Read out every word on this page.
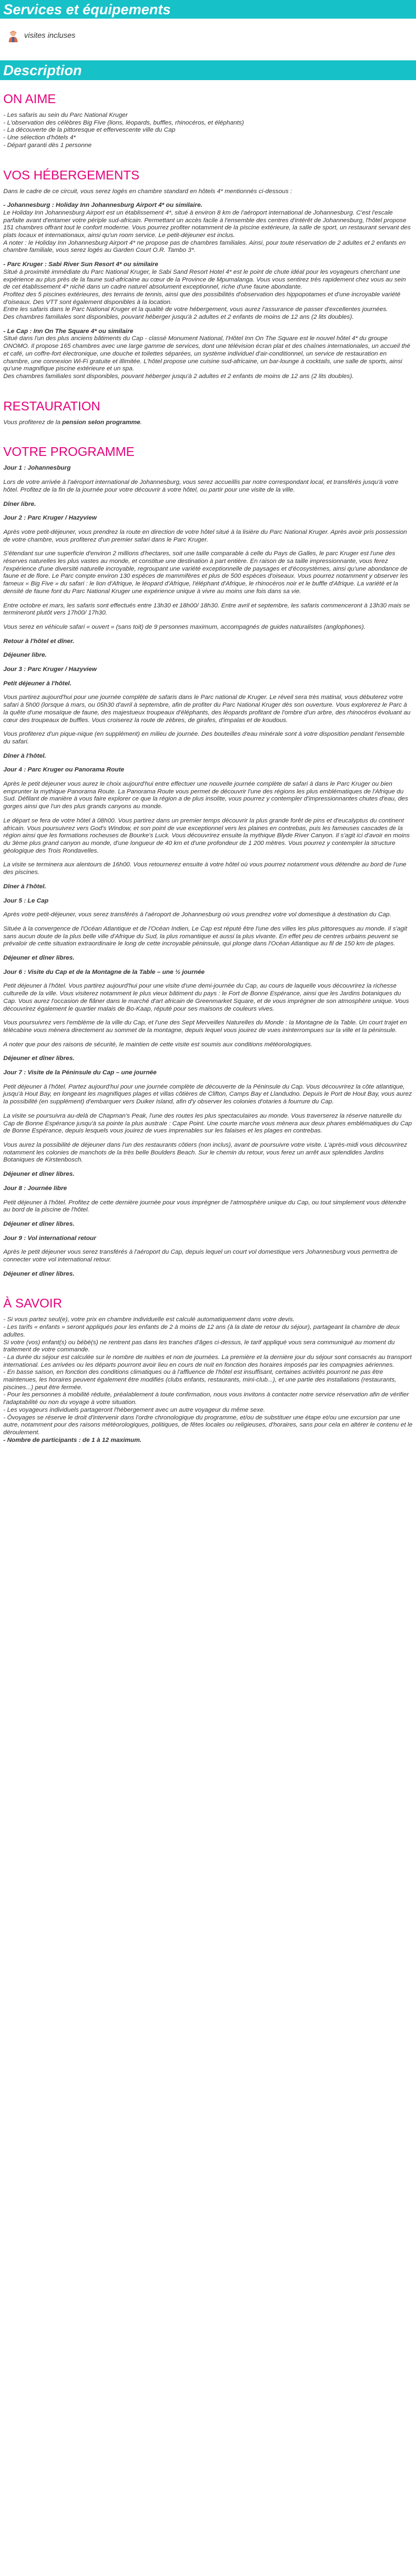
Services et équipements
visites incluses
Description
ON AIME

- Les safaris au sein du Parc National Kruger
- L'observation des célèbres Big Five (lions, léopards, buffles, rhinocéros, et éléphants)
- La découverte de la pittoresque et effervescente ville du Cap
- Une sélection d'hôtels 4*
- Départ garanti dès 1 personne

VOS HÉBERGEMENTS

Dans le cadre de ce circuit, vous serez logés en chambre standard en hôtels 4* mentionnés ci-dessous :

- Johannesburg : Holiday Inn Johannesburg Airport 4* ou similaire.
Le Holiday Inn Johannesburg Airport est un établissement 4*, situé à environ 8 km de l'aéroport international de Johannesburg. C'est l'escale parfaite avant d'entamer votre périple sud-africain. Permettant un accès facile à l'ensemble des centres d'intérêt de Johannesburg, l'hôtel propose 151 chambres offrant tout le confort moderne. Vous pourrez profiter notamment de la piscine extérieure, la salle de sport, un restaurant servant des plats locaux et internationaux, ainsi qu'un room service. Le petit-déjeuner est inclus.
A noter : le Holiday Inn Johannesburg Airport 4* ne propose pas de chambres familiales. Ainsi, pour toute réservation de 2 adultes et 2 enfants en chambre familiale, vous serez logés au Garden Court O.R. Tambo 3*.

- Parc Kruger : Sabi River Sun Resort 4* ou similaire
Situé à proximité immédiate du Parc National Kruger, le Sabi Sand Resort Hotel 4* est le point de chute idéal pour les voyageurs cherchant une expérience au plus près de la faune sud-africaine au cœur de la Province de Mpumalanga. Vous vous sentirez très rapidement chez vous au sein de cet établissement 4* niché dans un cadre naturel absolument exceptionnel, riche d'une faune abondante.
Profitez des 5 piscines extérieures, des terrains de tennis, ainsi que des possibilités d'observation des hippopotames et d'une incroyable variété d'oiseaux. Des VTT sont également disponibles à la location.
Entre les safaris dans le Parc National Kruger et la qualité de votre hébergement, vous aurez l'assurance de passer d'excellentes journées.
Des chambres familiales sont disponibles, pouvant héberger jusqu'à 2 adultes et 2 enfants de moins de 12 ans (2 lits doubles).

- Le Cap : Inn On The Square 4* ou similaire
Situé dans l'un des plus anciens bâtiments du Cap - classé Monument National, l'Hôtel Inn On The Square est le nouvel hôtel 4* du groupe ONOMO. Il propose 165 chambres avec une large gamme de services, dont une télévision écran plat et des chaînes internationales, un accueil thé et café, un coffre-fort électronique, une douche et toilettes séparées, un système individuel d'air-conditionnel, un service de restauration en chambre, une connexion Wi-Fi gratuite et illimitée. L'hôtel propose une cuisine sud-africaine, un bar-lounge à cocktails, une salle de sports, ainsi qu'une magnifique piscine extérieure et un spa.
Des chambres familiales sont disponibles, pouvant héberger jusqu'à 2 adultes et 2 enfants de moins de 12 ans (2 lits doubles).

RESTAURATION

Vous profiterez de la pension selon programme.

VOTRE PROGRAMME

Jour 1 : Johannesburg

Lors de votre arrivée à l'aéroport international de Johannesburg, vous serez accueillis par notre correspondant local, et transférés jusqu'à votre hôtel. Profitez de la fin de la journée pour votre découvrir à votre hôtel, ou partir pour une visite de la ville.

Dîner libre.

Jour 2 : Parc Kruger / Hazyview

Après votre petit-déjeuner, vous prendrez la route en direction de votre hôtel situé à la lisière du Parc National Kruger. Après avoir pris possession de votre chambre, vous profiterez d'un premier safari dans le Parc Kruger.

S'étendant sur une superficie d'environ 2 millions d'hectares, soit une taille comparable à celle du Pays de Galles, le parc Kruger est l'une des réserves naturelles les plus vastes au monde, et constitue une destination à part entière. En raison de sa taille impressionnante, vous ferez l'expérience d'une diversité naturelle incroyable, regroupant une variété exceptionnelle de paysages et d'écosystèmes, ainsi qu'une abondance de faune et de flore. Le Parc compte environ 130 espèces de mammifères et plus de 500 espèces d'oiseaux. Vous pourrez notamment y observer les fameux « Big Five » du safari : le lion d'Afrique, le léopard d'Afrique, l'éléphant d'Afrique, le rhinocéros noir et le buffle d'Afrique. La variété et la densité de faune font du Parc National Kruger une expérience unique à vivre au moins une fois dans sa vie.

Entre octobre et mars, les safaris sont effectués entre 13h30 et 18h00/ 18h30. Entre avril et septembre, les safaris commenceront à 13h30 mais se termineront plutôt vers 17h00/ 17h30.

Vous serez en véhicule safari « ouvert » (sans toit) de 9 personnes maximum, accompagnés de guides naturalistes (anglophones).

Retour à l'hôtel et dîner.

Déjeuner libre.

Jour 3 : Parc Kruger / Hazyview

Petit déjeuner à l'hôtel.

Vous partirez aujourd'hui pour une journée complète de safaris dans le Parc national de Kruger. Le réveil sera très matinal, vous débuterez votre safari à 5h00 (lorsque à mars, ou 05h30 d'avril à septembre, afin de profiter du Parc National Kruger dès son ouverture. Vous explorerez le Parc à la quête d'une mosaïque de faune, des majestueux troupeaux d'éléphants, des léopards profitant de l'ombre d'un arbre, des rhinocéros évoluant au cœur des troupeaux de buffles. Vous croiserez la route de zèbres, de girafes, d'impalas et de koudous.

Vous profiterez d'un pique-nique (en supplément) en milieu de journée. Des bouteilles d'eau minérale sont à votre disposition pendant l'ensemble du safari.

Dîner à l'hôtel.

Jour 4 : Parc Kruger ou Panorama Route

Après le petit déjeuner vous aurez le choix aujourd'hui entre effectuer une nouvelle journée complète de safari à dans le Parc Kruger ou bien emprunter la mythique Panorama Route. La Panorama Route vous permet de découvrir l'une des régions les plus emblématiques de l'Afrique du Sud. Défilant de manière à vous faire explorer ce que la région a de plus insolite, vous pourrez y contempler d'impressionnantes chutes d'eau, des gorges ainsi que l'un des plus grands canyons au monde.

Le départ se fera de votre hôtel à 08h00. Vous partirez dans un premier temps découvrir la plus grande forêt de pins et d'eucalyptus du continent africain. Vous poursuivrez vers God's Window, et son point de vue exceptionnel vers les plaines en contrebas, puis les fameuses cascades de la région ainsi que les formations rocheuses de Bourke's Luck. Vous découvrirez ensuite la mythique Blyde River Canyon. Il s'agit ici d'avoir en moins du 3ème plus grand canyon au monde, d'une longueur de 40 km et d'une profondeur de 1 200 mètres. Vous pourrez y contempler la structure géologique des Trois Rondavelles.

La visite se terminera aux alentours de 16h00. Vous retournerez ensuite à votre hôtel où vous pourrez notamment vous détendre au bord de l'une des piscines.

Dîner à l'hôtel.

Jour 5 : Le Cap

Après votre petit-déjeuner, vous serez transférés à l'aéroport de Johannesburg où vous prendrez votre vol domestique à destination du Cap.

Située à la convergence de l'Océan Atlantique et de l'Océan Indien, Le Cap est réputé être l'une des villes les plus pittoresques au monde. Il s'agit sans aucun doute de la plus belle ville d'Afrique du Sud, la plus romantique et aussi la plus vivante. En effet peu de centres urbains peuvent se prévaloir de cette situation extraordinaire le long de cette incroyable péninsule, qui plonge dans l'Océan Atlantique au fil de 150 km de plages.

Déjeuner et dîner libres.

Jour 6 : Visite du Cap et de la Montagne de la Table – une ½ journée

Petit déjeuner à l'hôtel. Vous partirez aujourd'hui pour une visite d'une demi-journée du Cap, au cours de laquelle vous découvrirez la richesse culturelle de la ville. Vous visiterez notamment le plus vieux bâtiment du pays : le Fort de Bonne Espérance, ainsi que les Jardins botaniques du Cap. Vous aurez l'occasion de flâner dans le marché d'art africain de Greenmarket Square, et de vous imprégner de son atmosphère unique. Vous découvrirez également le quartier malais de Bo-Kaap, réputé pour ses maisons de couleurs vives.

Vous poursuivrez vers l'emblème de la ville du Cap, et l'une des Sept Merveilles Naturelles du Monde : la Montagne de la Table. Un court trajet en télécabine vous mènera directement au sommet de la montagne, depuis lequel vous jouirez de vues ininterrompues sur la ville et la péninsule.

A noter que pour des raisons de sécurité, le maintien de cette visite est soumis aux conditions météorologiques.

Déjeuner et dîner libres.

Jour 7 : Visite de la Péninsule du Cap – une journée

Petit déjeuner à l'hôtel. Partez aujourd'hui pour une journée complète de découverte de la Péninsule du Cap. Vous découvrirez la côte atlantique, jusqu'à Hout Bay, en longeant les magnifiques plages et villas côtières de Clifton, Camps Bay et Llandudno. Depuis le Port de Hout Bay, vous aurez la possibilité (en supplément) d'embarquer vers Duiker Island, afin d'y observer les colonies d'otaries à fourrure du Cap.

La visite se poursuivra au-delà de Chapman's Peak, l'une des routes les plus spectaculaires au monde. Vous traverserez la réserve naturelle du Cap de Bonne Espérance jusqu'à sa pointe la plus australe : Cape Point. Une courte marche vous mènera aux deux phares emblématiques du Cap de Bonne Espérance, depuis lesquels vous jouirez de vues imprenables sur les falaises et les plages en contrebas.

Vous aurez la possibilité de déjeuner dans l'un des restaurants côtiers (non inclus), avant de poursuivre votre visite. L'après-midi vous découvrirez notamment les colonies de manchots de la très belle Boulders Beach. Sur le chemin du retour, vous ferez un arrêt aux splendides Jardins Botaniques de Kirstenbosch.

Déjeuner et dîner libres.

Jour 8 : Journée libre

Petit déjeuner à l'hôtel. Profitez de cette dernière journée pour vous imprégner de l'atmosphère unique du Cap, ou tout simplement vous détendre au bord de la piscine de l'hôtel.

Déjeuner et dîner libres.

Jour 9 : Vol international retour

Après le petit déjeuner vous serez transférés à l'aéroport du Cap, depuis lequel un court vol domestique vers Johannesburg vous permettra de connecter votre vol international retour.

Déjeuner et dîner libres.

À SAVOIR

- Si vous partez seul(e), votre prix en chambre individuelle est calculé automatiquement dans votre devis.
- Les tarifs « enfants » seront appliqués pour les enfants de 2 à moins de 12 ans (à la date de retour du séjour), partageant la chambre de deux adultes.
Si votre (vos) enfant(s) ou bébé(s) ne rentrent pas dans les tranches d'âges ci-dessus, le tarif appliqué vous sera communiqué au moment du traitement de votre commande.
- La durée du séjour est calculée sur le nombre de nuitées et non de journées. La première et la dernière jour du séjour sont consacrés au transport international. Les arrivées ou les départs pourront avoir lieu en cours de nuit en fonction des horaires imposés par les compagnies aériennes.
- En basse saison, en fonction des conditions climatiques ou à l'affluence de l'hôtel est insuffisant, certaines activités pourront ne pas être maintenues, les horaires peuvent également être modifiés (clubs enfants, restaurants, mini-club...), et une partie des installations (restaurants, piscines...) peut être fermée.
- Pour les personnes à mobilité réduite, préalablement à toute confirmation, nous vous invitons à contacter notre service réservation afin de vérifier l'adaptabilité ou non du voyage à votre situation.
- Les voyageurs individuels partageront l'hébergement avec un autre voyageur du même sexe.
- Ôvoyages se réserve le droit d'intervenir dans l'ordre chronologique du programme, et/ou de substituer une étape et/ou une excursion par une autre, notamment pour des raisons météorologiques, politiques, de fêtes locales ou religieuses, d'horaires, sans pour cela en altérer le contenu et le déroulement.
- Nombre de participants : de 1 à 12 maximum.
